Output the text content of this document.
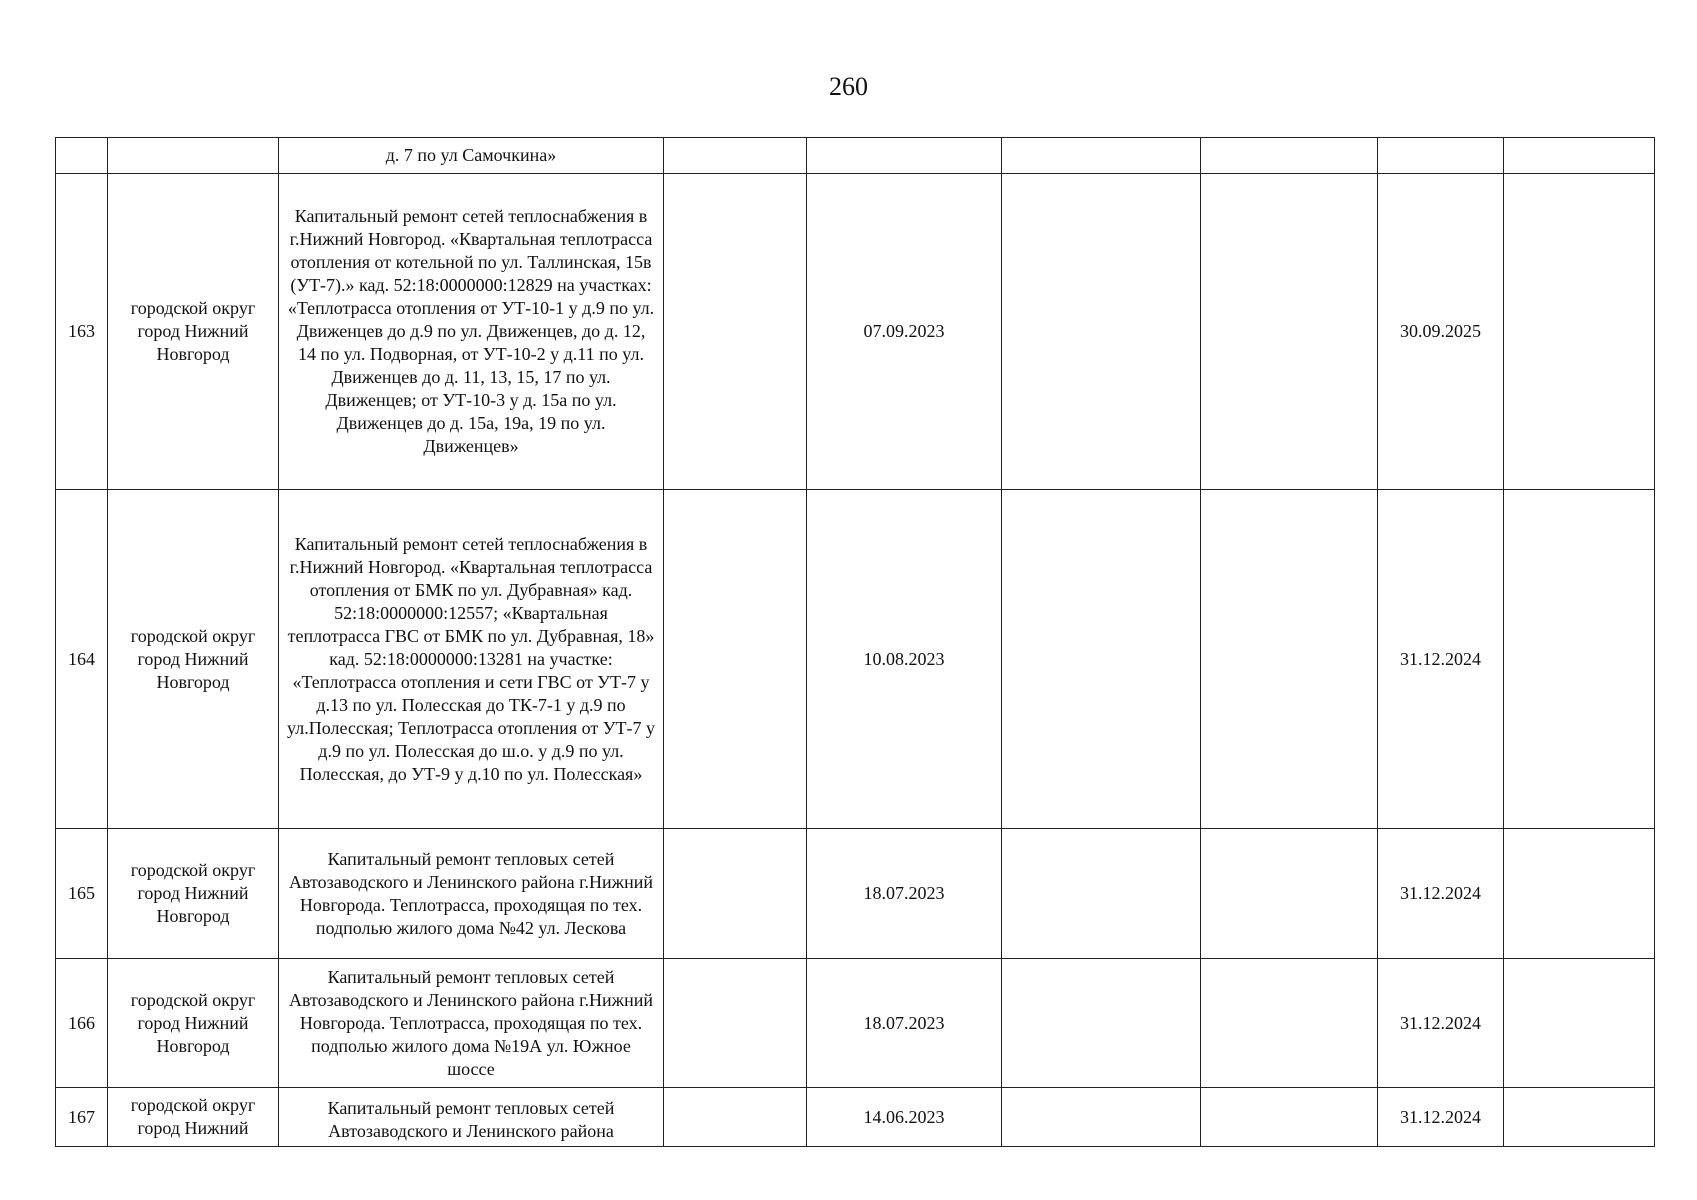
260
		д. 7 по ул Самочкина»						
163	городской округ город Нижний Новгород	Капитальный ремонт сетей теплоснабжения в г.Нижний Новгород. «Квартальная теплотрасса отопления от котельной по ул. Таллинская, 15в (УТ-7).» кад. 52:18:0000000:12829 на участках: «Теплотрасса отопления от УТ-10-1 у д.9 по ул. Движенцев до д.9 по ул. Движенцев, до д. 12, 14 по ул. Подворная, от УТ-10-2 у д.11 по ул. Движенцев до д. 11, 13, 15, 17 по ул. Движенцев; от УТ-10-3 у д. 15а по ул. Движенцев до д. 15а, 19а, 19 по ул. Движенцев»		07.09.2023			30.09.2025	
164	городской округ город Нижний Новгород	Капитальный ремонт сетей теплоснабжения в г.Нижний Новгород. «Квартальная теплотрасса отопления от БМК по ул. Дубравная» кад. 52:18:0000000:12557; «Квартальная теплотрасса ГВС от БМК по ул. Дубравная, 18» кад. 52:18:0000000:13281 на участке: «Теплотрасса отопления и сети ГВС от УТ-7 у д.13 по ул. Полесская до ТК-7-1 у д.9 по ул.Полесская; Теплотрасса отопления от УТ-7 у д.9 по ул. Полесская до ш.о. у д.9 по ул. Полесская, до УТ-9 у д.10 по ул. Полесская»		10.08.2023			31.12.2024	
165	городской округ город Нижний Новгород	Капитальный ремонт тепловых сетей Автозаводского и Ленинского района г.Нижний Новгорода. Теплотрасса, проходящая по тех. подполью жилого дома №42 ул. Лескова		18.07.2023			31.12.2024	
166	городской округ город Нижний Новгород	Капитальный ремонт тепловых сетей Автозаводского и Ленинского района г.Нижний Новгорода. Теплотрасса, проходящая по тех. подполью жилого дома №19А ул. Южное шоссе		18.07.2023			31.12.2024	
167	городской округ город Нижний	Капитальный ремонт тепловых сетей Автозаводского и Ленинского района		14.06.2023			31.12.2024	
